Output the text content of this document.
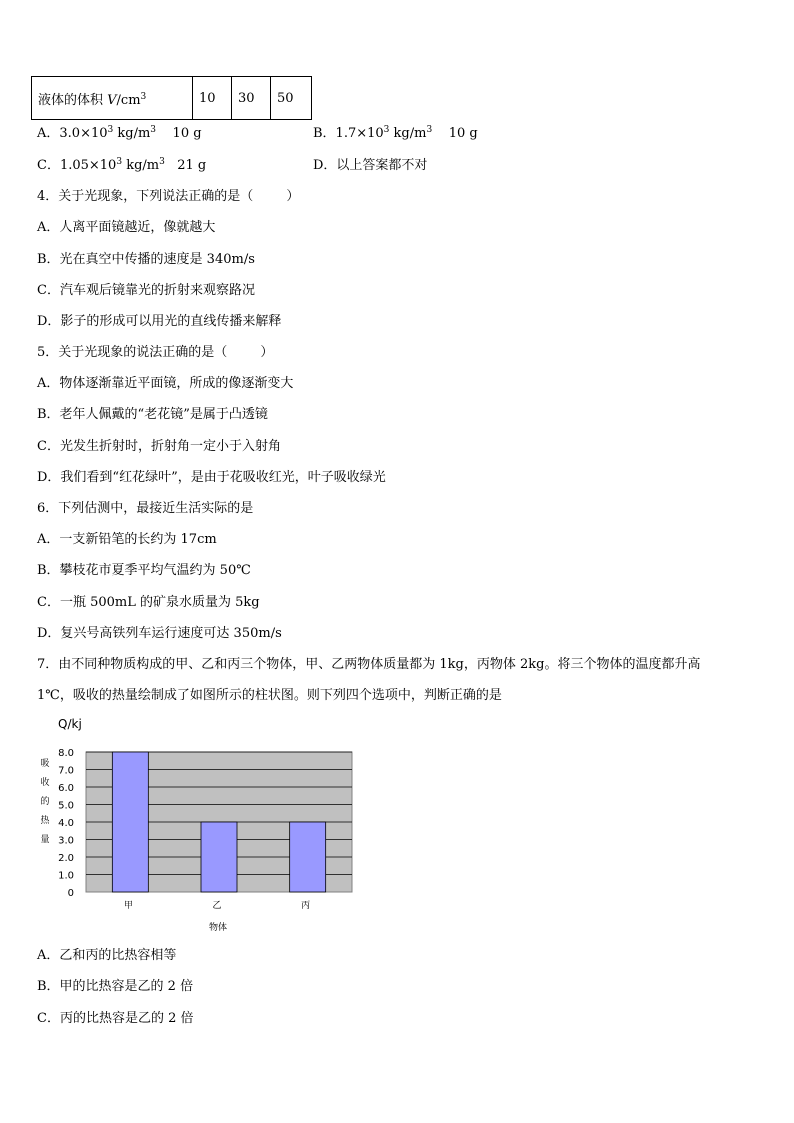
液体的体积 $V/cm^3$	10	30	50
A．$3.0\times 10^3$ $kg/m^3$    10 g	B．$1.7\times 10^3$ $kg/m^3$    10 g
C．$1.05\times 10^3$ $kg/m^3$   21 g	D．以上答案都不对
4．关于光现象，下列说法正确的是（        ）
A．人离平面镜越近，像就越大
B．光在真空中传播的速度是 340m/s
C．汽车观后镜靠光的折射来观察路况
D．影子的形成可以用光的直线传播来解释
5．关于光现象的说法正确的是（        ）
A．物体逐渐靠近平面镜，所成的像逐渐变大
B．老年人佩戴的“老花镜”是属于凸透镜
C．光发生折射时，折射角一定小于入射角
D．我们看到“红花绿叶”，是由于花吸收红光，叶子吸收绿光
6．下列估测中，最接近生活实际的是
A．一支新铅笔的长约为 17cm
B．攀枝花市夏季平均气温约为 50℃
C．一瓶 500mL 的矿泉水质量为 5kg
D．复兴号高铁列车运行速度可达 350m/s
7．由不同种物质构成的甲、乙和丙三个物体，甲、乙两物体质量都为 1kg，丙物体 2kg。将三个物体的温度都升高
1℃，吸收的热量绘制成了如图所示的柱状图。则下列四个选项中，判断正确的是
Q/kj
0
1.0
2.0
3.0
4.0
5.0
6.0
7.0
8.0
甲	乙	丙
吸
收
的
热
量
物体
A．乙和丙的比热容相等
B．甲的比热容是乙的 2 倍
C．丙的比热容是乙的 2 倍
